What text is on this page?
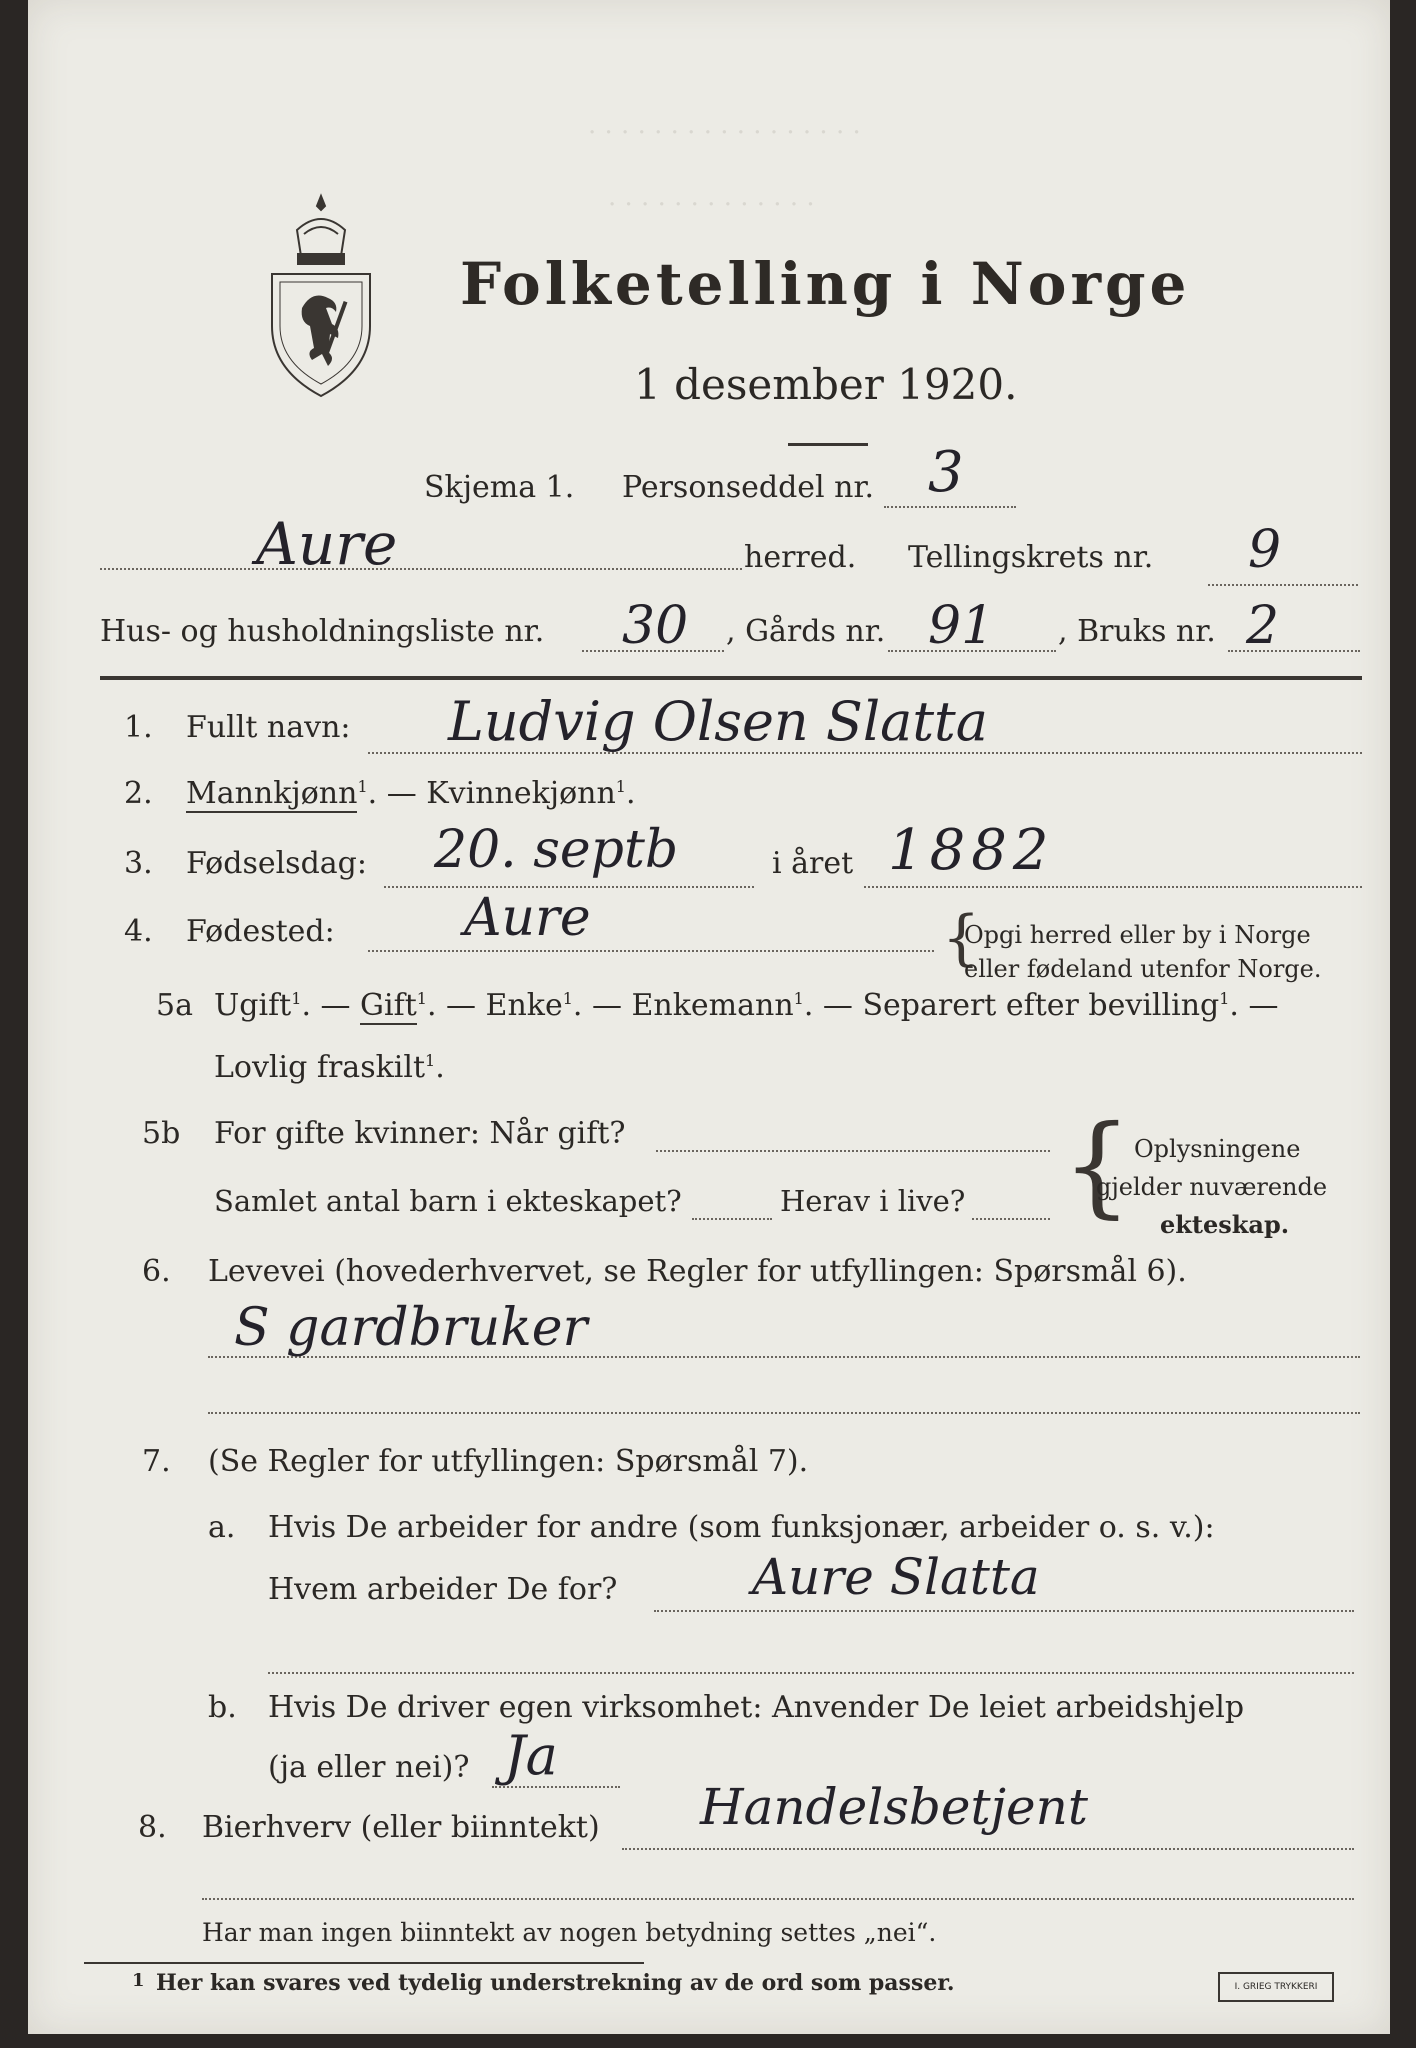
· · · · · · · · · · · · · · · · ·
· · · · · · · · · · · · ·
Folketelling i Norge
1 desember 1920.
Skjema 1. Personseddel nr. 3
Aure	herred. Tellingskrets nr. 9
Hus- og husholdningsliste nr. 30 , Gårds nr. 91 , Bruks nr. 2
1. Fullt navn: Ludvig Olsen Slatta
2. Mannkjønn$^1$. — Kvinnekjønn$^1$.
3. Fødselsdag: 20. septb	i året 1882
4. Fødested: Aure	{
Opgi herred eller by i Norge
eller fødeland utenfor Norge.
5a Ugift$^1$. — Gift$^1$. — Enke$^1$. — Enkemann$^1$. — Separert efter bevilling$^1$. —
Lovlig fraskilt$^1$.
5b For gifte kvinner: Når gift?
Samlet antal barn i ekteskapet?	Herav i live? { Oplysningene
gjelder nuværende
ekteskap.
6. Levevei (hovederhvervet, se Regler for utfyllingen: Spørsmål 6).
S gardbruker
7. (Se Regler for utfyllingen: Spørsmål 7).
a. Hvis De arbeider for andre (som funksjonær, arbeider o. s. v.):
Hvem arbeider De for?	Aure Slatta
b. Hvis De driver egen virksomhet: Anvender De leiet arbeidshjelp
(ja eller nei)? Ja
8. Bierhverv (eller biinntekt) Handelsbetjent
Har man ingen biinntekt av nogen betydning settes „nei“.
1 Her kan svares ved tydelig understrekning av de ord som passer.	I. GRIEG TRYKKERI
